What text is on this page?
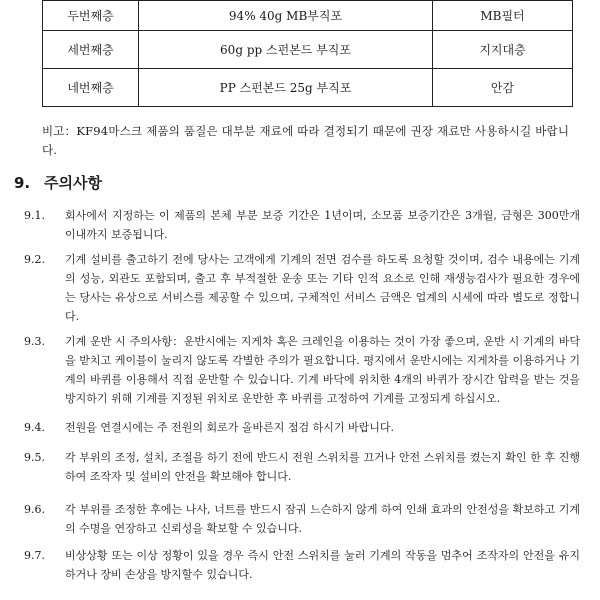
두번째층	94% 40g MB부직포	MB필터
세번째층	60g pp 스펀본드 부직포	지지대층
네번째층	PP 스펀본드 25g 부직포	안감
비고：KF94마스크 제품의 품질은 대부분 재료에 따라 결정되기 때문에 권장 재료만 사용하시길 바랍니다.
9. 주의사항
9.1. 회사에서 지정하는 이 제품의 본체 부분 보증 기간은 1년이며, 소모품 보증기간은 3개월, 금형은 300만개 이내까지 보증됩니다.
9.2. 기계 설비를 출고하기 전에 당사는 고객에게 기계의 전면 검수를 하도록 요청할 것이며, 검수 내용에는 기계의 성능, 외관도 포함되며, 출고 후 부적절한 운송 또는 기타 인적 요소로 인해 재생능검사가 필요한 경우에는 당사는 유상으로 서비스를 제공할 수 있으며, 구체적인 서비스 금액은 업계의 시세에 따라 별도로 정합니다.
9.3. 기계 운반 시 주의사항：운반시에는 지게차 혹은 크레인을 이용하는 것이 가장 좋으며, 운반 시 기계의 바닥을 받치고 케이블이 눌리지 않도록 각별한 주의가 필요합니다. 평지에서 운반시에는 지게차를 이용하거나 기계의 바퀴를 이용해서 직접 운반할 수 있습니다. 기계 바닥에 위치한 4개의 바퀴가 장시간 압력을 받는 것을 방지하기 위해 기계를 지정된 위치로 운반한 후 바퀴를 고정하여 기계를 고정되게 하십시오.
9.4. 전원을 연결시에는 주 전원의 회로가 올바른지 점검 하시기 바랍니다.
9.5. 각 부위의 조정, 설치, 조절을 하기 전에 반드시 전원 스위치를 끄거나 안전 스위치를 켰는지 확인 한 후 진행하여 조작자 및 설비의 안전을 확보해야 합니다.
9.6. 각 부위를 조정한 후에는 나사, 너트를 반드시 잠궈 느슨하지 않게 하여 인쇄 효과의 안전성을 확보하고 기계의 수명을 연장하고 신뢰성을 확보할 수 있습니다.
9.7. 비상상황 또는 이상 정황이 있을 경우 즉시 안전 스위치를 눌러 기계의 작동을 멈추어 조작자의 안전을 유지하거나 장비 손상을 방지할수 있습니다.
